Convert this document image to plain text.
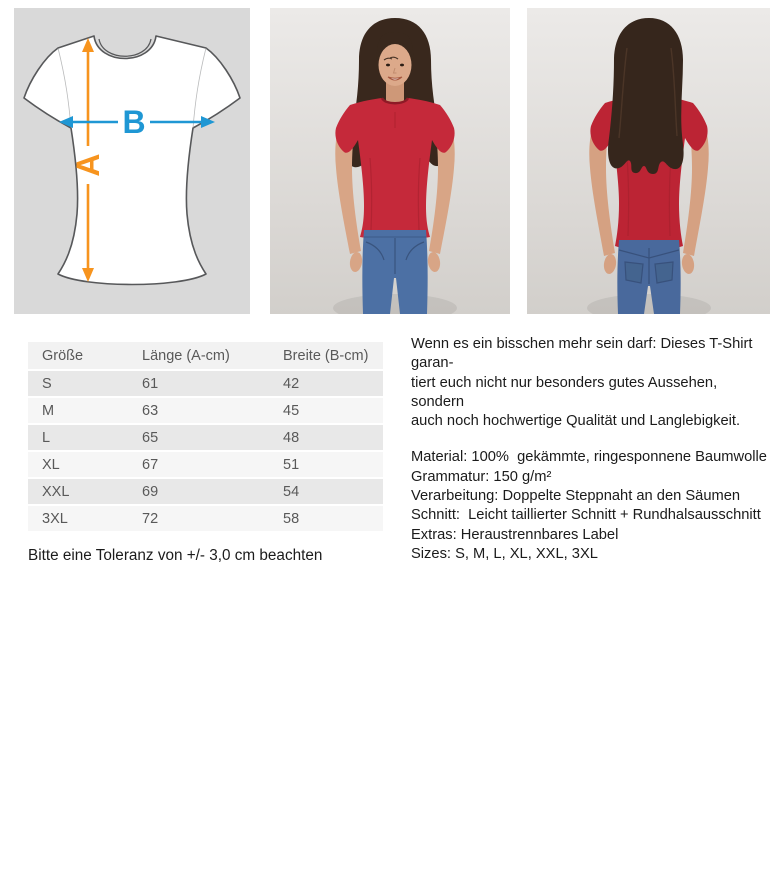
A
B
Größe	Länge (A-cm)	Breite (B-cm)
S	61	42
M	63	45
L	65	48
XL	67	51
XXL	69	54
3XL	72	58
Wenn es ein bisschen mehr sein darf: Dieses T-Shirt garan-
tiert euch nicht nur besonders gutes Aussehen, sondern
auch noch hochwertige Qualität und Langlebigkeit.
Material: 100%  gekämmte, ringesponnene Baumwolle
Grammatur: 150 g/m²
Verarbeitung: Doppelte Steppnaht an den Säumen
Schnitt:  Leicht taillierter Schnitt + Rundhalsausschnitt
Extras: Heraustrennbares Label
Sizes: S, M, L, XL, XXL, 3XL

Bitte eine Toleranz von +/- 3,0 cm beachten
